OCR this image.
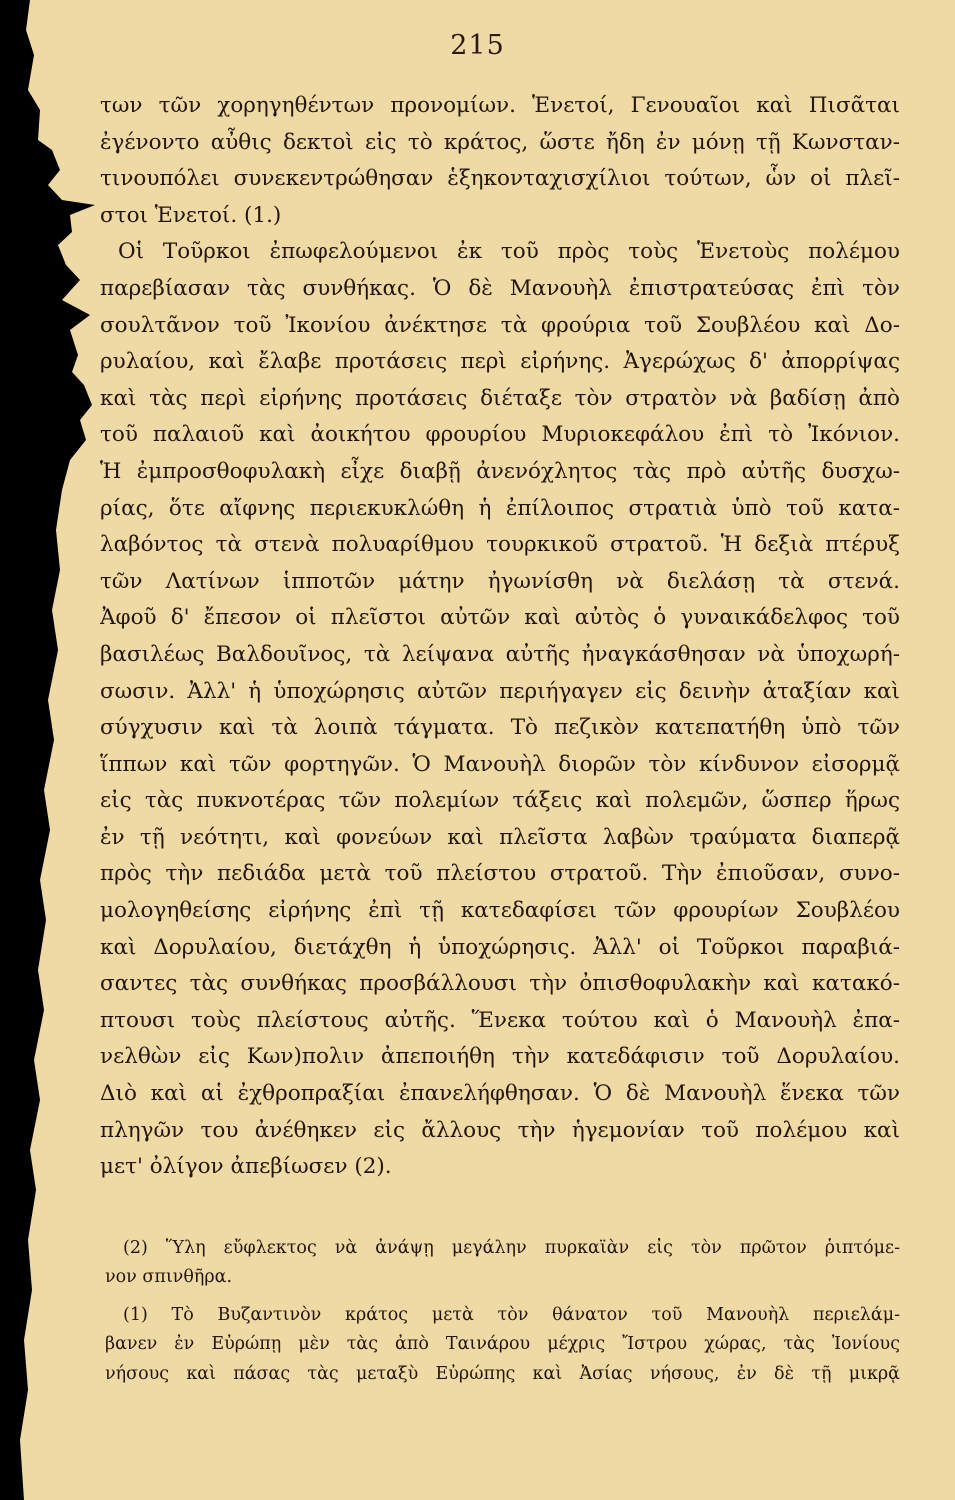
215
των τῶν χορηγηθέντων προνομίων. Ἑνετοί, Γενουαῖοι καὶ Πισᾶται
ἐγένοντο αὖθις δεκτοὶ εἰς τὸ κράτος, ὥστε ἤδη ἐν μόνῃ τῇ Κωνσταν-
τινουπόλει συνεκεντρώθησαν ἑξηκονταχισχίλιοι τούτων, ὧν οἱ πλεῖ-
στοι Ἑνετοί. (1.)
Οἱ Τοῦρκοι ἐπωφελούμενοι ἐκ τοῦ πρὸς τοὺς Ἑνετοὺς πολέμου
παρεβίασαν τὰς συνθήκας. Ὁ δὲ Μανουὴλ ἐπιστρατεύσας ἐπὶ τὸν
σουλτᾶνον τοῦ Ἰκονίου ἀνέκτησε τὰ φρούρια τοῦ Σουβλέου καὶ Δο-
ρυλαίου, καὶ ἔλαβε προτάσεις περὶ εἰρήνης. Ἀγερώχως δ' ἀπορρίψας
καὶ τὰς περὶ εἰρήνης προτάσεις διέταξε τὸν στρατὸν νὰ βαδίσῃ ἀπὸ
τοῦ παλαιοῦ καὶ ἀοικήτου φρουρίου Μυριοκεφάλου ἐπὶ τὸ Ἰκόνιον.
Ἡ ἐμπροσθοφυλακὴ εἶχε διαβῇ ἀνενόχλητος τὰς πρὸ αὐτῆς δυσχω-
ρίας, ὅτε αἴφνης περιεκυκλώθη ἡ ἐπίλοιπος στρατιὰ ὑπὸ τοῦ κατα-
λαβόντος τὰ στενὰ πολυαρίθμου τουρκικοῦ στρατοῦ. Ἡ δεξιὰ πτέρυξ
τῶν Λατίνων ἱπποτῶν μάτην ἠγωνίσθη νὰ διελάσῃ τὰ στενά.
Ἀφοῦ δ' ἔπεσον οἱ πλεῖστοι αὐτῶν καὶ αὐτὸς ὁ γυναικάδελφος τοῦ
βασιλέως Βαλδουῖνος, τὰ λείψανα αὐτῆς ἠναγκάσθησαν νὰ ὑποχωρή-
σωσιν. Ἀλλ' ἡ ὑποχώρησις αὐτῶν περιήγαγεν εἰς δεινὴν ἀταξίαν καὶ
σύγχυσιν καὶ τὰ λοιπὰ τάγματα. Τὸ πεζικὸν κατεπατήθη ὑπὸ τῶν
ἵππων καὶ τῶν φορτηγῶν. Ὁ Μανουὴλ διορῶν τὸν κίνδυνον εἰσορμᾷ
εἰς τὰς πυκνοτέρας τῶν πολεμίων τάξεις καὶ πολεμῶν, ὥσπερ ἥρως
ἐν τῇ νεότητι, καὶ φονεύων καὶ πλεῖστα λαβὼν τραύματα διαπερᾷ
πρὸς τὴν πεδιάδα μετὰ τοῦ πλείστου στρατοῦ. Τὴν ἐπιοῦσαν, συνο-
μολογηθείσης εἰρήνης ἐπὶ τῇ κατεδαφίσει τῶν φρουρίων Σουβλέου
καὶ Δορυλαίου, διετάχθη ἡ ὑποχώρησις. Ἀλλ' οἱ Τοῦρκοι παραβιά-
σαντες τὰς συνθήκας προσβάλλουσι τὴν ὀπισθοφυλακὴν καὶ κατακό-
πτουσι τοὺς πλείστους αὐτῆς. Ἕνεκα τούτου καὶ ὁ Μανουὴλ ἐπα-
νελθὼν εἰς Κων)πολιν ἀπεποιήθη τὴν κατεδάφισιν τοῦ Δορυλαίου.
Διὸ καὶ αἱ ἐχθροπραξίαι ἐπανελήφθησαν. Ὁ δὲ Μανουὴλ ἕνεκα τῶν
πληγῶν του ἀνέθηκεν εἰς ἄλλους τὴν ἡγεμονίαν τοῦ πολέμου καὶ
μετ' ὀλίγον ἀπεβίωσεν (2).
(2) Ὕλη εὔφλεκτος νὰ ἀνάψῃ μεγάλην πυρκαϊὰν εἰς τὸν πρῶτον ῥιπτόμε-
νον σπινθῆρα.
(1) Τὸ Βυζαντινὸν κράτος μετὰ τὸν θάνατον τοῦ Μανουὴλ περιελάμ-
βανεν ἐν Εὐρώπῃ μὲν τὰς ἀπὸ Ταινάρου μέχρις Ἴστρου χώρας, τὰς Ἰονίους
νήσους καὶ πάσας τὰς μεταξὺ Εὐρώπης καὶ Ἀσίας νήσους, ἐν δὲ τῇ μικρᾷ
